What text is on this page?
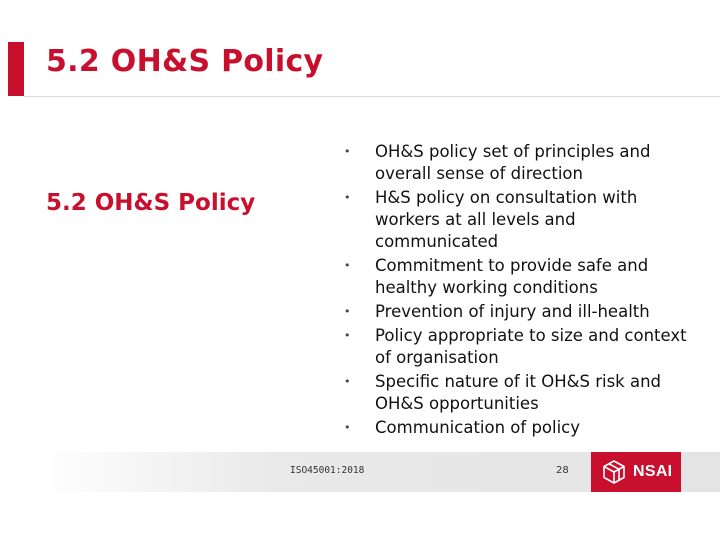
5.2 OH&S Policy
5.2 OH&S Policy
• OH&S policy set of principles and overall sense of direction
• H&S policy on consultation with workers at all levels and communicated
• Commitment to provide safe and healthy working conditions
• Prevention of injury and ill-health
• Policy appropriate to size and context of organisation
• Specific nature of it OH&S risk and OH&S opportunities
• Communication of policy
ISO45001:2018	28	NSAI
